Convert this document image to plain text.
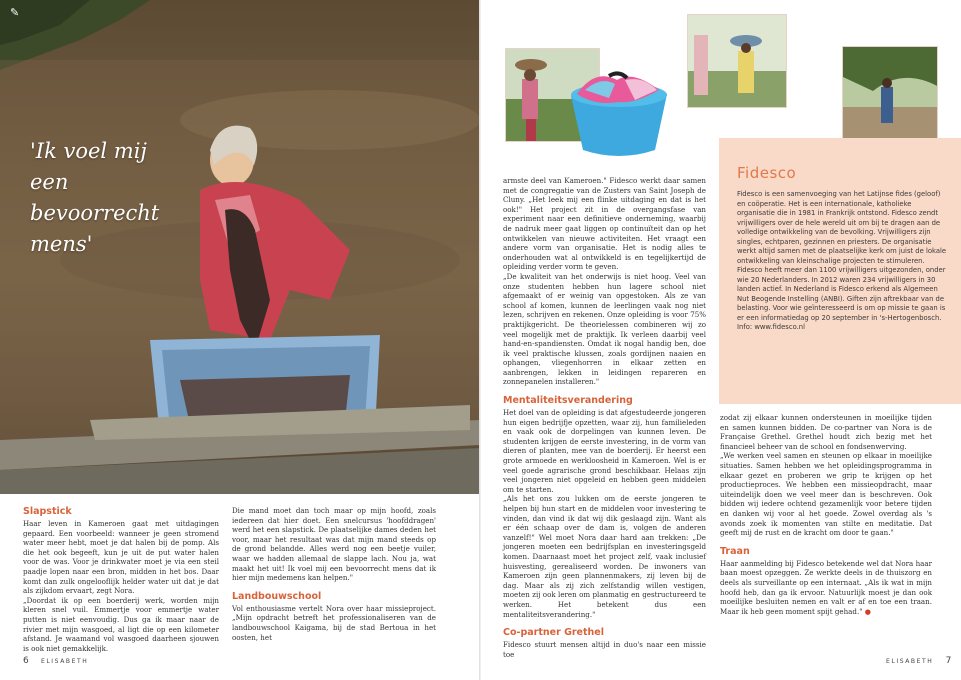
✎
'Ik voel mij een bevoorrecht mens'
Slapstick

Haar leven in Kameroen gaat met uitdagingen gepaard. Een voorbeeld: wanneer je geen stromend water meer hebt, moet je dat halen bij de pomp. Als die het ook begeeft, kun je uit de put water halen voor de was. Voor je drinkwater moet je via een steil paadje lopen naar een bron, midden in het bos. Daar komt dan zulk ongelooflijk helder water uit dat je dat als zijkdom ervaart, zegt Nora.

„Doordat ik op een boerderij werk, worden mijn kleren snel vuil. Emmertje voor emmertje water putten is niet eenvoudig. Dus ga ik maar naar de rivier met mijn wasgoed, al ligt die op een kilometer afstand. Je waamand vol wasgoed daarheen sjouwen is ook niet gemakkelijk.

Die mand moet dan toch maar op mijn hoofd, zoals iedereen dat hier doet. Een snelcursus 'hoofddragen' werd het een slapstick. De plaatselijke dames deden het voor, maar het resultaat was dat mijn mand steeds op de grond belandde. Alles werd nog een beetje vuiler, waar we hadden allemaal de slappe lach. Nou ja, wat maakt het uit! Ik voel mij een bevoorrecht mens dat ik hier mijn medemens kan helpen."

Landbouwschool

Vol enthousiasme vertelt Nora over haar missieproject. „Mijn opdracht betreft het professionaliseren van de landbouwschool Kaigama, bij de stad Bertoua in het oosten, het

6 ELISABETH

armste deel van Kameroen." Fidesco werkt daar samen met de congregatie van de Zusters van Saint Joseph de Cluny. „Het leek mij een flinke uitdaging en dat is het ook!" Het project zit in de overgangsfase van experiment naar een definitieve onderneming, waarbij de nadruk meer gaat liggen op continuïteit dan op het ontwikkelen van nieuwe activiteiten. Het vraagt een andere vorm van organisatie. Het is nodig alles te onderhouden wat al ontwikkeld is en tegelijkertijd de opleiding verder vorm te geven.

„De kwaliteit van het onderwijs is niet hoog. Veel van onze studenten hebben hun lagere school niet afgemaakt of er weinig van opgestoken. Als ze van school af komen, kunnen de leerlingen vaak nog niet lezen, schrijven en rekenen. Onze opleiding is voor 75% praktijkgericht. De theorielessen combineren wij zo veel mogelijk met de praktijk. Ik verleen daarbij veel hand-en-spandiensten. Omdat ik nogal handig ben, doe ik veel praktische klussen, zoals gordijnen naaien en ophangen, vliegenhorren in elkaar zetten en aanbrengen, lekken in leidingen repareren en zonnepanelen installeren."

Mentaliteitsverandering

Het doel van de opleiding is dat afgestudeerde jongeren hun eigen bedrijfje opzetten, waar zij, hun familieleden en vaak ook de dorpelingen van kunnen leven. De studenten krijgen de eerste investering, in de vorm van dieren of planten, mee van de boerderij. Er heerst een grote armoede en werkloosheid in Kameroen. Wel is er veel goede agrarische grond beschikbaar. Helaas zijn veel jongeren niet opgeleid en hebben geen middelen om te starten.

„Als het ons zou lukken om de eerste jongeren te helpen bij hun start en de middelen voor investering te vinden, dan vind ik dat wij dik geslaagd zijn. Want als er één schaap over de dam is, volgen de anderen vanzelf!" Wel moet Nora daar hard aan trekken: „De jongeren moeten een bedrijfsplan en investeringsgeld komen. Daarnaast moet het project zelf, vaak inclusief huisvesting, gerealiseerd worden. De inwoners van Kameroen zijn geen plannenmakers, zij leven bij de dag. Maar als zij zich zelfstandig willen vestigen, moeten zij ook leren om planmatig en gestructureerd te werken. Het betekent dus een mentaliteitsverandering."

Co-partner Grethel

Fidesco stuurt mensen altijd in duo's naar een missie toe

Fidesco

Fidesco is een samenvoeging van het Latijnse fides (geloof) en coöperatie. Het is een internationale, katholieke organisatie die in 1981 in Frankrijk ontstond. Fidesco zendt vrijwilligers over de hele wereld uit om bij te dragen aan de volledige ontwikkeling van de bevolking. Vrijwilligers zijn singles, echtparen, gezinnen en priesters. De organisatie werkt altijd samen met de plaatselijke kerk om juist de lokale ontwikkeling van kleinschalige projecten te stimuleren.

Fidesco heeft meer dan 1100 vrijwilligers uitgezonden, onder wie 20 Nederlanders. In 2012 waren 234 vrijwilligers in 30 landen actief. In Nederland is Fidesco erkend als Algemeen Nut Beogende Instelling (ANBI). Giften zijn aftrekbaar van de belasting. Voor wie geïnteresseerd is om op missie te gaan is er een informatiedag op 20 september in 's-Hertogenbosch. Info: www.fidesco.nl

zodat zij elkaar kunnen ondersteunen in moeilijke tijden en samen kunnen bidden. De co-partner van Nora is de Française Grethel. Grethel houdt zich bezig met het financieel beheer van de school en fondsenwerving.

„We werken veel samen en steunen op elkaar in moeilijke situaties. Samen hebben we het opleidingsprogramma in elkaar gezet en proberen we grip te krijgen op het productieproces. We hebben een missieopdracht, maar uiteindelijk doen we veel meer dan is beschreven. Ook bidden wij iedere ochtend gezamenlijk voor betere tijden en danken wij voor al het goede. Zowel overdag als 's avonds zoek ik momenten van stilte en meditatie. Dat geeft mij de rust en de kracht om door te gaan."

Traan

Haar aanmelding bij Fidesco betekende wel dat Nora haar baan moest opzeggen. Ze werkte deels in de thuiszorg en deels als surveillante op een internaat. „Als ik wat in mijn hoofd heb, dan ga ik ervoor. Natuurlijk moest je dan ook moeilijke besluiten nemen en valt er af en toe een traan. Maar ik heb geen moment spijt gehad." ●

ELISABETH 7
